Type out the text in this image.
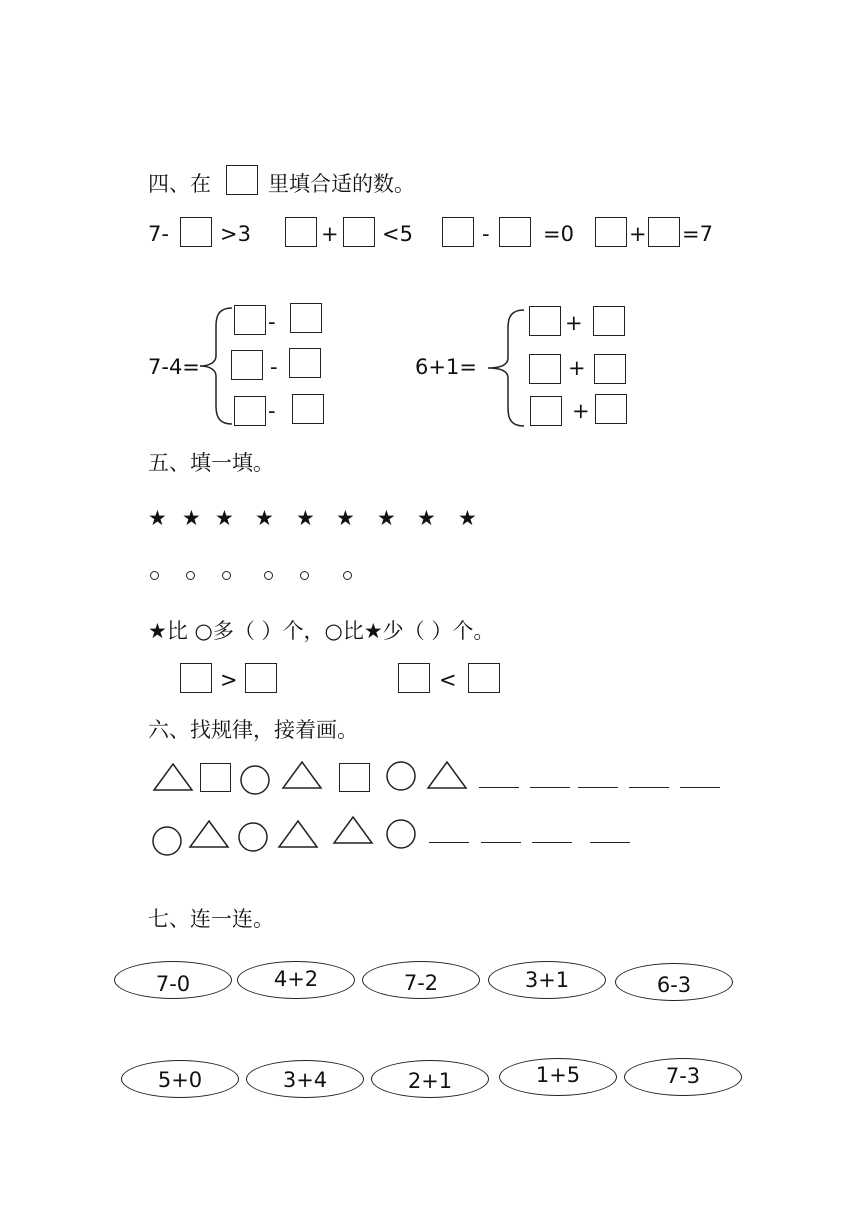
四、在	里填合适的数。
7- >3	+ <5	-	=0	+ =7
7-4=
-
-
-
6+1=
+
+
+
五、填一填。
★ ★ ★ ★ ★ ★ ★ ★ ★
★比 ○多（ ）个，○比★少（ ）个。
>	<
六、找规律，接着画。
七、连一连。
7-0	4+2	7-2	3+1	6-3
5+0	3+4	2+1	1+5	7-3
